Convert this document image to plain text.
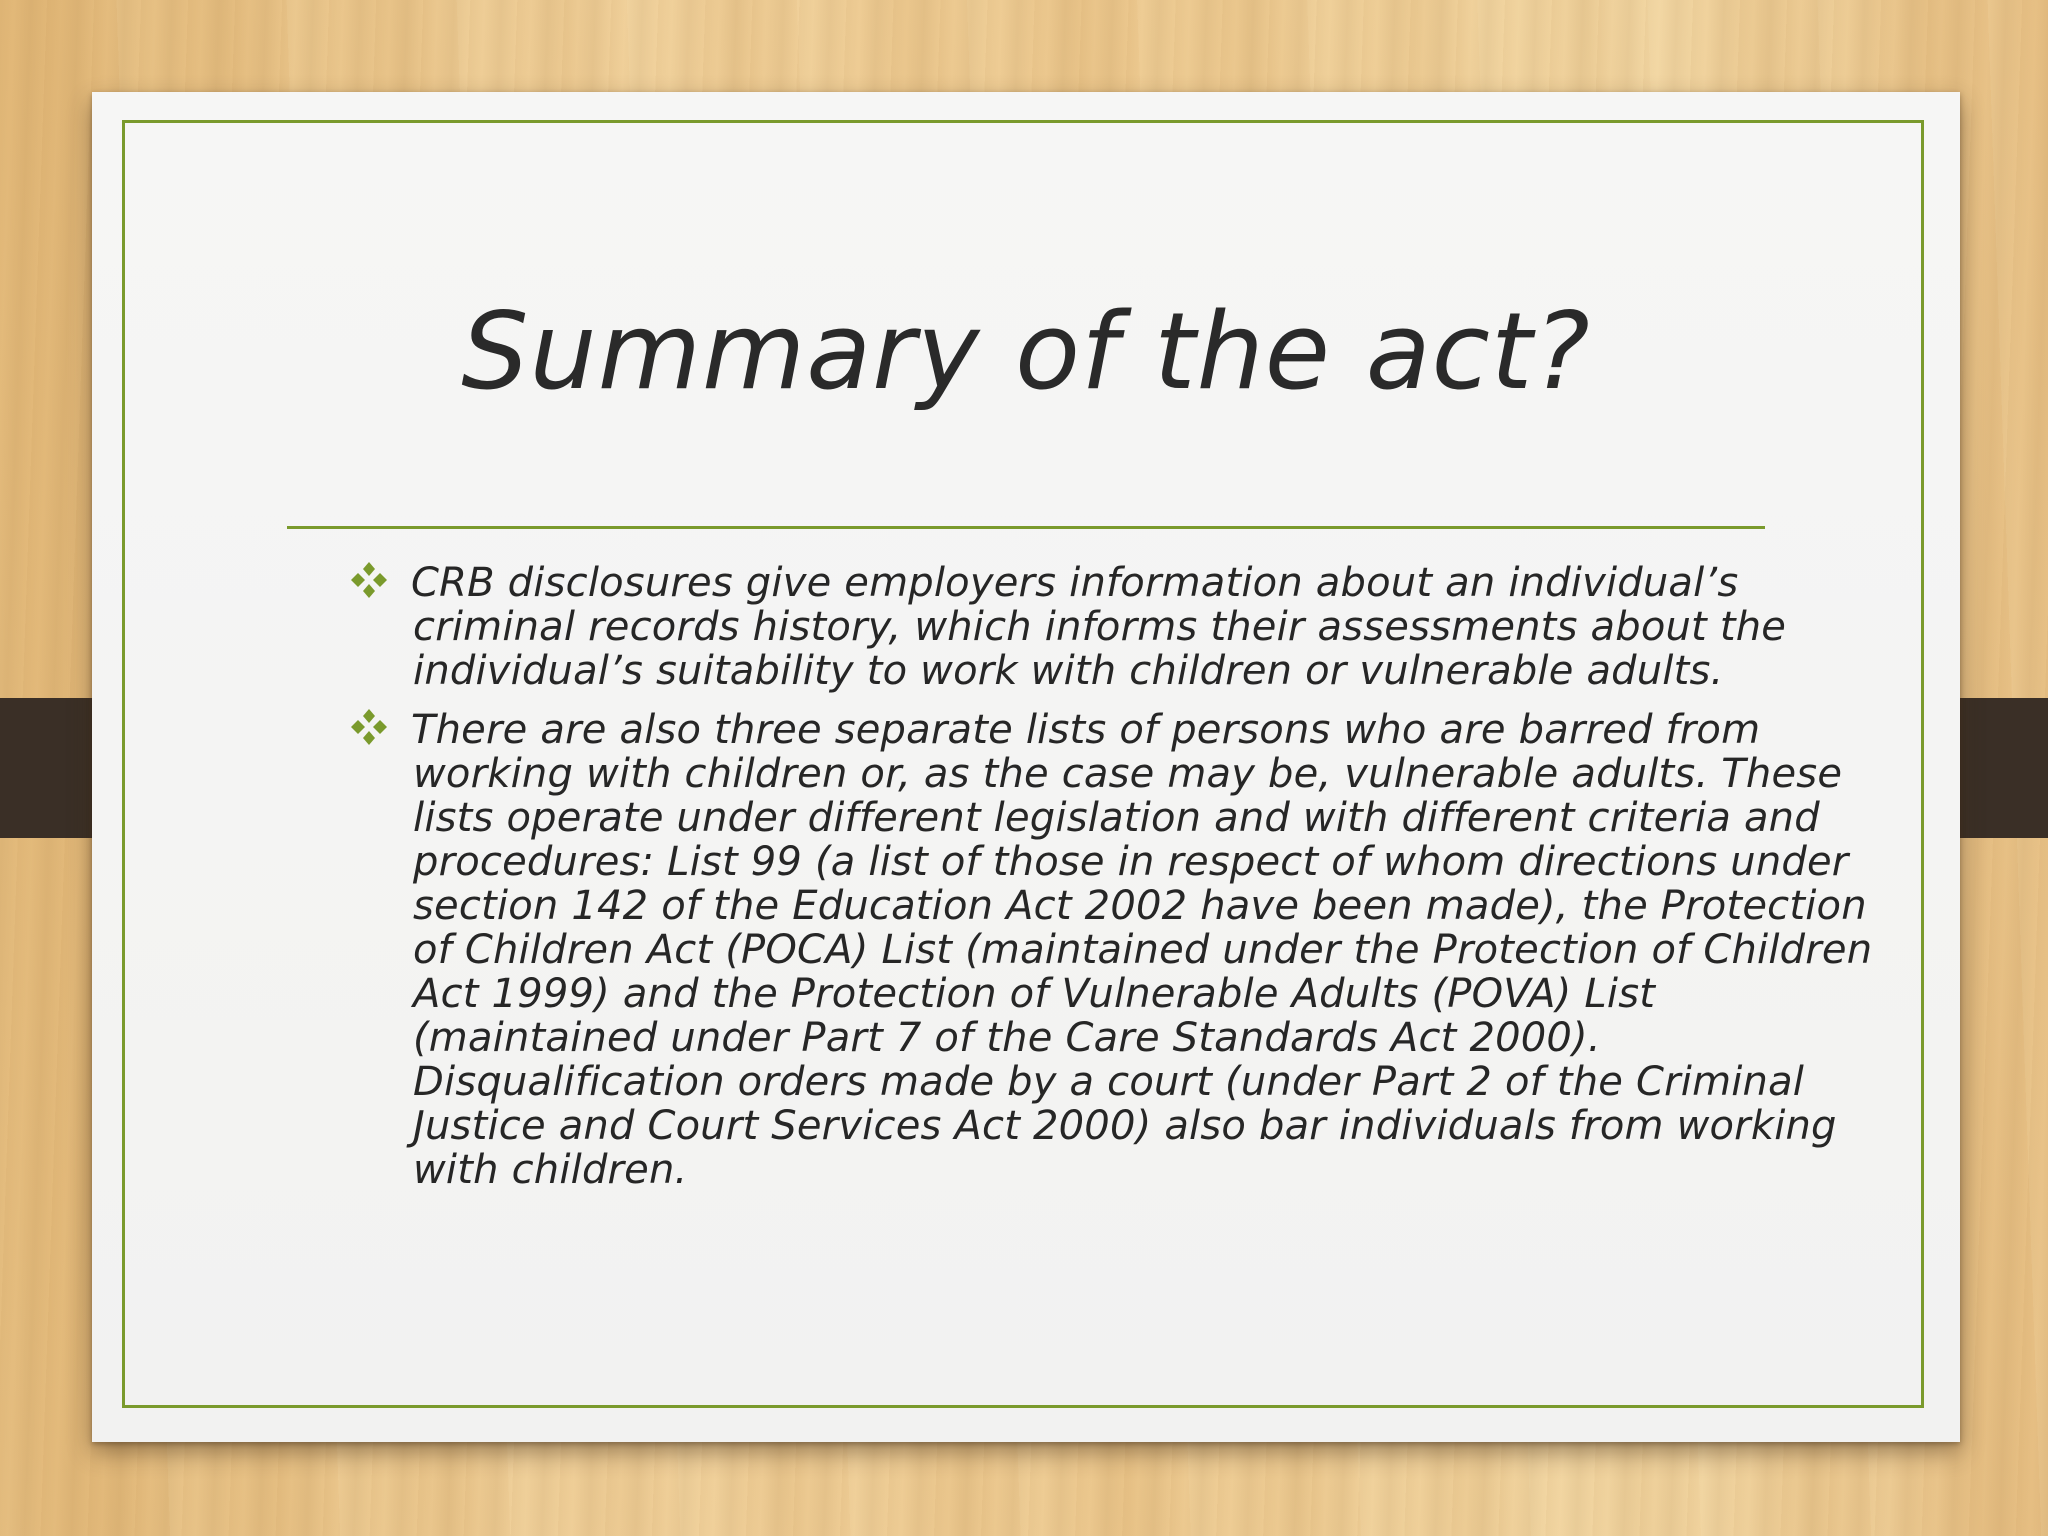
Summary of the act?
CRB disclosures give employers information about an individual’s criminal records history, which informs their assessments about the individual’s suitability to work with children or vulnerable adults.
There are also three separate lists of persons who are barred from working with children or, as the case may be, vulnerable adults. These lists operate under different legislation and with different criteria and procedures: List 99 (a list of those in respect of whom directions under section 142 of the Education Act 2002 have been made), the Protection of Children Act (POCA) List (maintained under the Protection of Children Act 1999) and the Protection of Vulnerable Adults (POVA) List (maintained under Part 7 of the Care Standards Act 2000). Disqualification orders made by a court (under Part 2 of the Criminal Justice and Court Services Act 2000) also bar individuals from working with children.
